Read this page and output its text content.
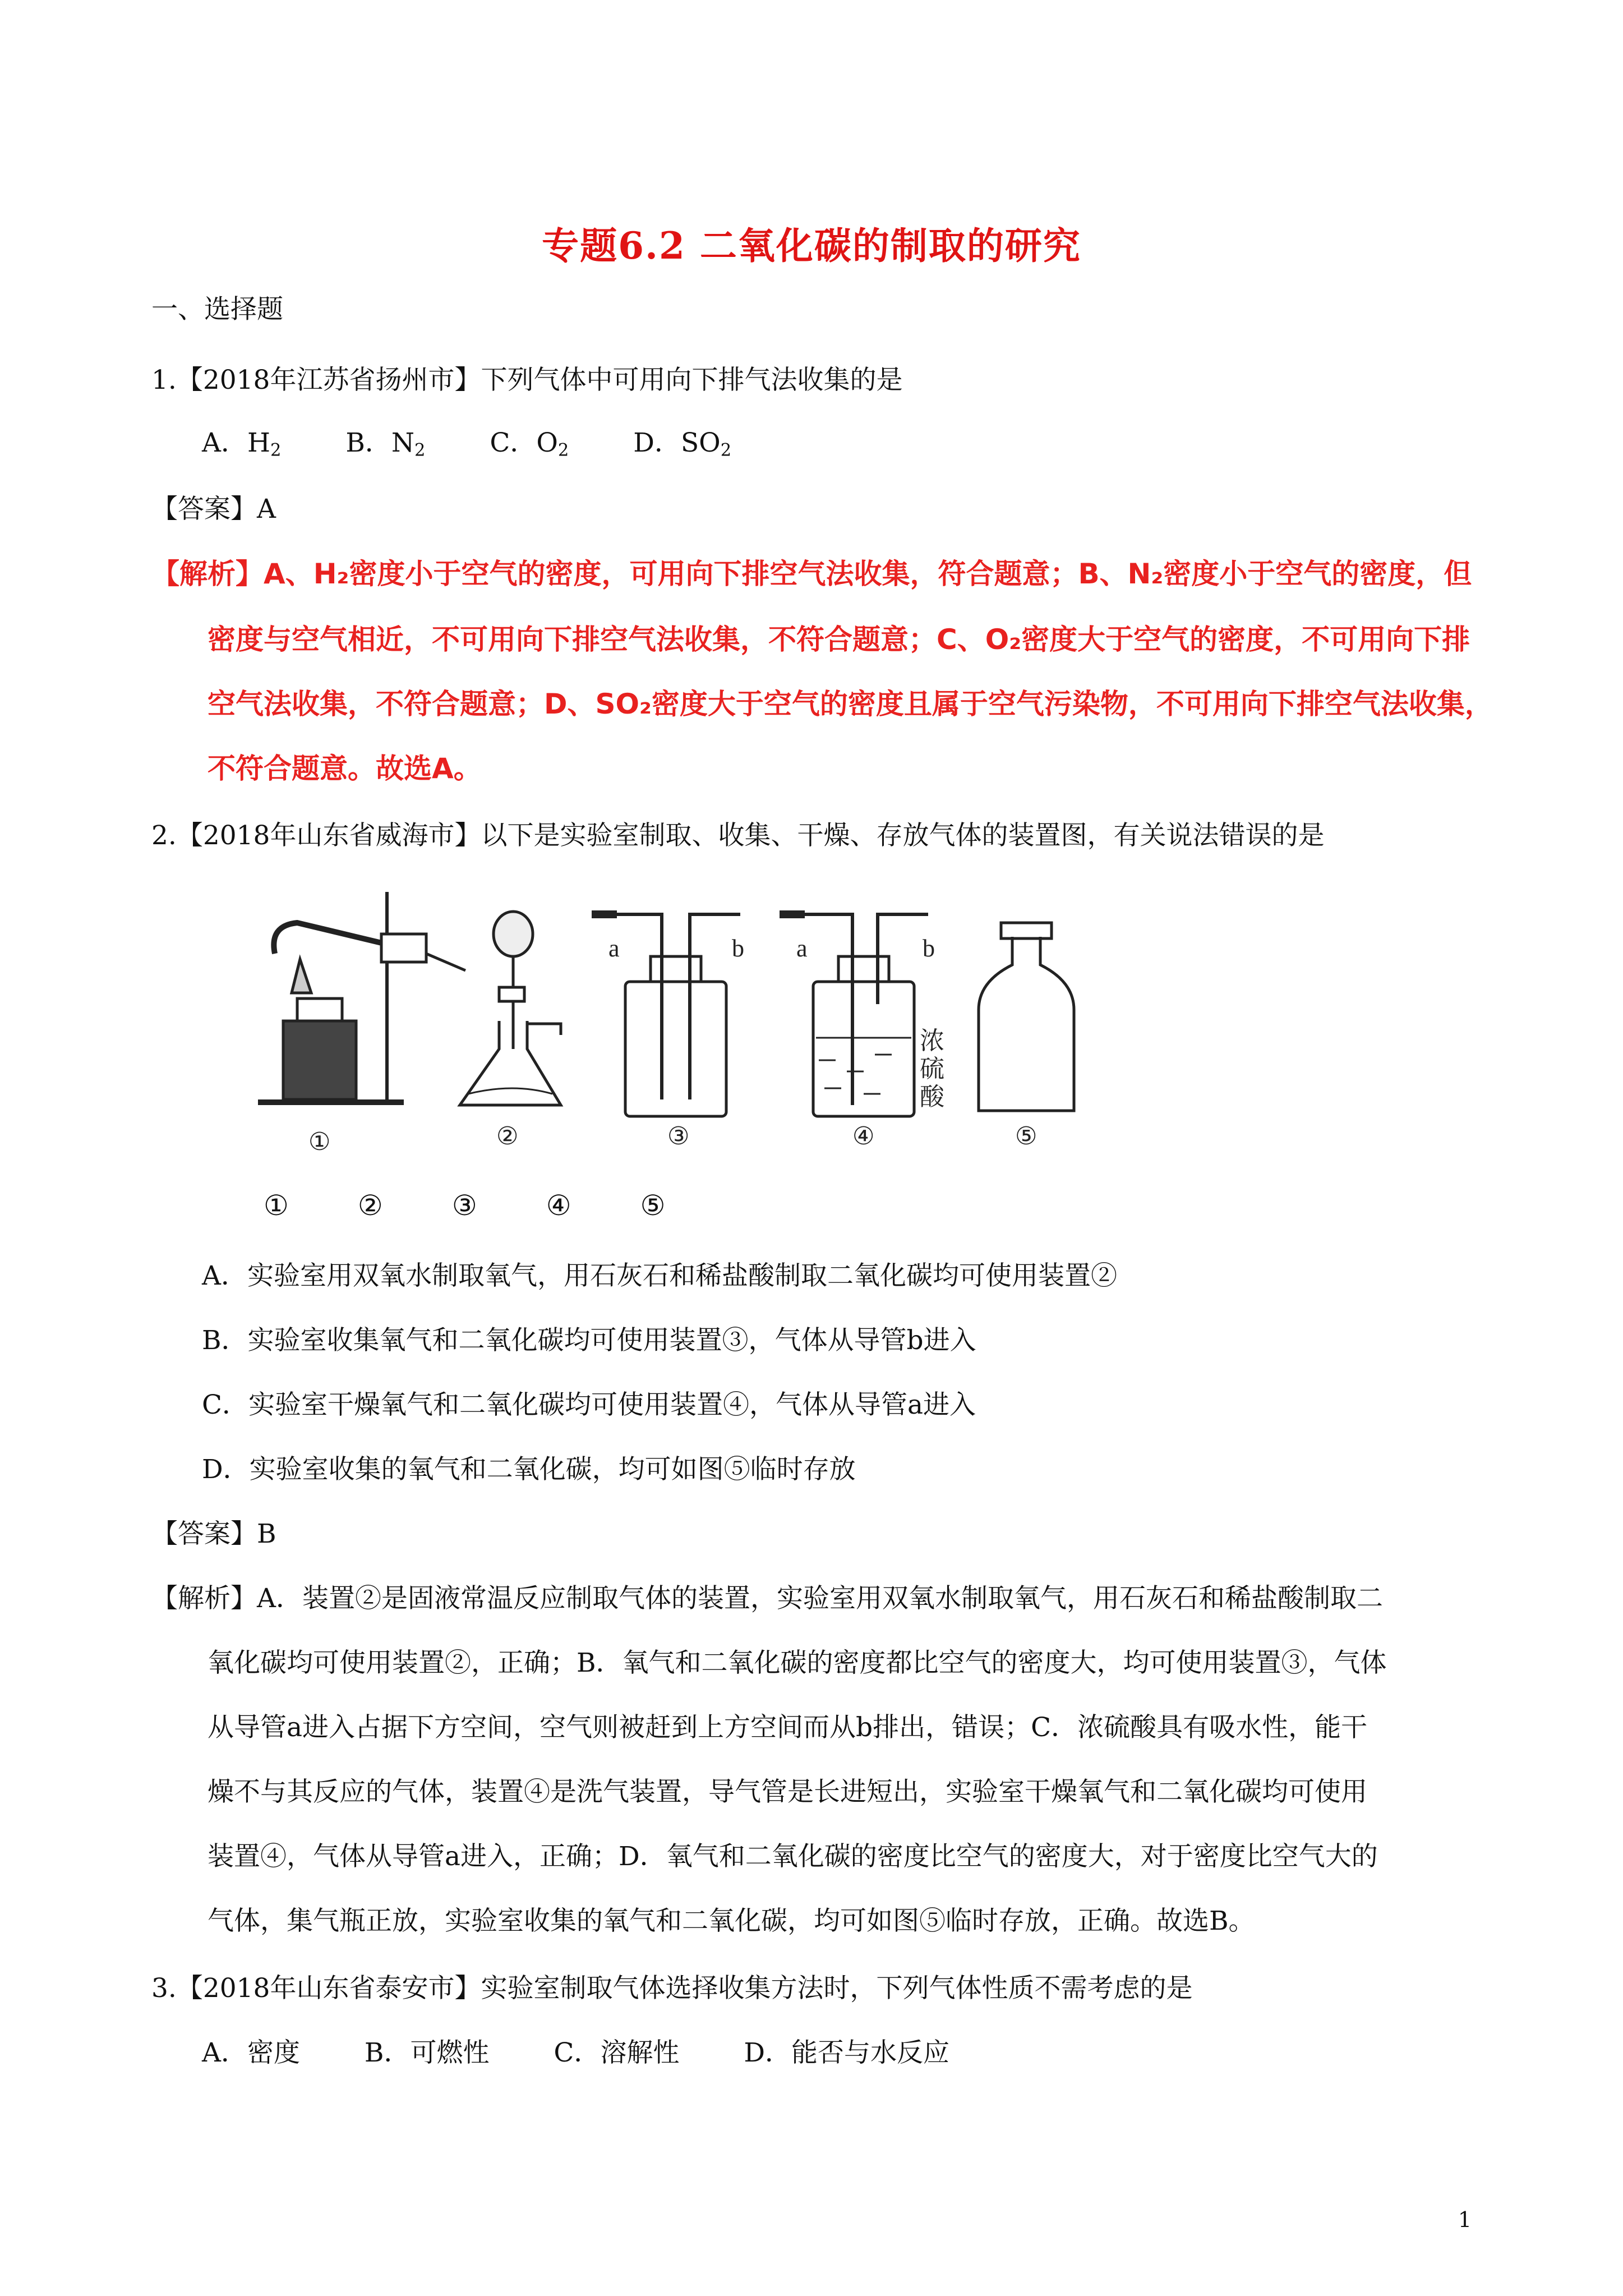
专题6.2 二氧化碳的制取的研究
一、选择题
1.【2018年江苏省扬州市】下列气体中可用向下排气法收集的是
A．$H_2$ B．$N_2$ C．$O_2$ D．$SO_2$
【答案】A
【解析】A、H₂密度小于空气的密度，可用向下排空气法收集，符合题意；B、N₂密度小于空气的密度，但
密度与空气相近，不可用向下排空气法收集，不符合题意；C、O₂密度大于空气的密度，不可用向下排
空气法收集，不符合题意；D、SO₂密度大于空气的密度且属于空气污染物，不可用向下排空气法收集，
不符合题意。故选A。
2.【2018年山东省威海市】以下是实验室制取、收集、干燥、存放气体的装置图，有关说法错误的是
a	b a	b
浓
硫
酸
①	②	③	④	⑤
① ② ③ ④ ⑤
A．实验室用双氧水制取氧气，用石灰石和稀盐酸制取二氧化碳均可使用装置②
B．实验室收集氧气和二氧化碳均可使用装置③，气体从导管b进入
C．实验室干燥氧气和二氧化碳均可使用装置④，气体从导管a进入
D．实验室收集的氧气和二氧化碳，均可如图⑤临时存放
【答案】B
【解析】A．装置②是固液常温反应制取气体的装置，实验室用双氧水制取氧气，用石灰石和稀盐酸制取二
氧化碳均可使用装置②，正确；B．氧气和二氧化碳的密度都比空气的密度大，均可使用装置③，气体
从导管a进入占据下方空间，空气则被赶到上方空间而从b排出，错误；C．浓硫酸具有吸水性，能干
燥不与其反应的气体，装置④是洗气装置，导气管是长进短出，实验室干燥氧气和二氧化碳均可使用
装置④，气体从导管a进入，正确；D．氧气和二氧化碳的密度比空气的密度大，对于密度比空气大的
气体，集气瓶正放，实验室收集的氧气和二氧化碳，均可如图⑤临时存放，正确。故选B。
3.【2018年山东省泰安市】实验室制取气体选择收集方法时，下列气体性质不需考虑的是
A．密度 B．可燃性 C．溶解性 D．能否与水反应
1
